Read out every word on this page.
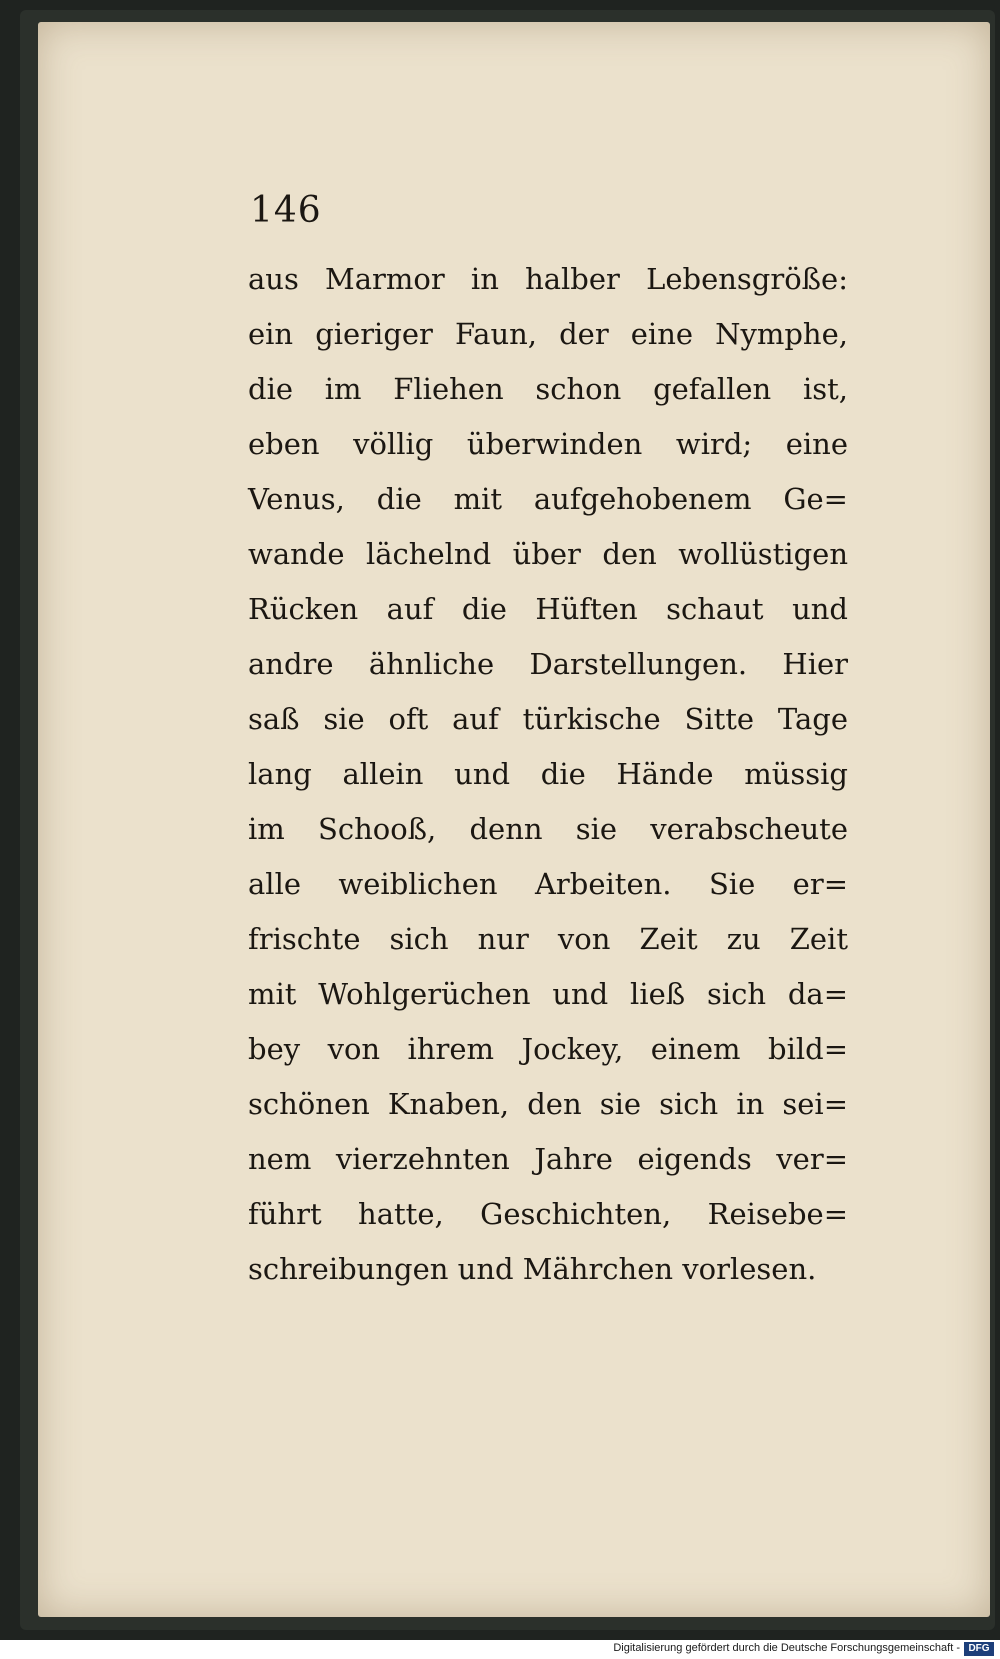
146
aus Marmor in halber Lebensgröße:
ein gieriger Faun, der eine Nymphe,
die im Fliehen schon gefallen ist,
eben völlig überwinden wird; eine
Venus, die mit aufgehobenem Ge=
wande lächelnd über den wollüstigen
Rücken auf die Hüften schaut und
andre ähnliche Darstellungen. Hier
saß sie oft auf türkische Sitte Tage
lang allein und die Hände müssig
im Schooß, denn sie verabscheute
alle weiblichen Arbeiten. Sie er=
frischte sich nur von Zeit zu Zeit
mit Wohlgerüchen und ließ sich da=
bey von ihrem Jockey, einem bild=
schönen Knaben, den sie sich in sei=
nem vierzehnten Jahre eigends ver=
führt hatte, Geschichten, Reisebe=
schreibungen und Mährchen vorlesen.
Digitalisierung gefördert durch die Deutsche Forschungsgemeinschaft - DFG
